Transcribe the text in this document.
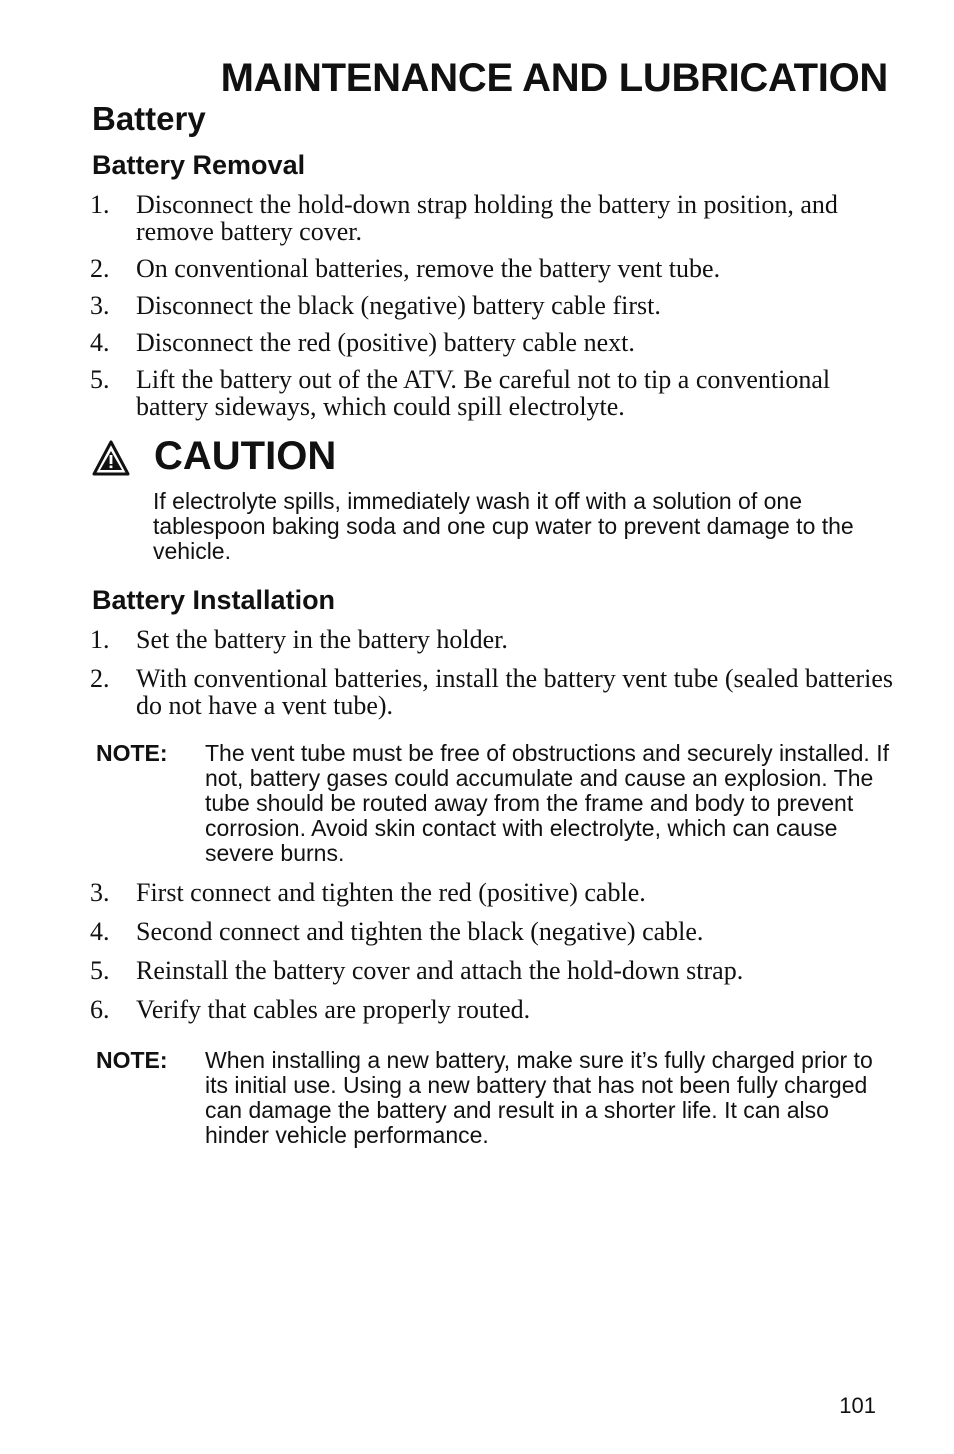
MAINTENANCE AND LUBRICATION
Battery
Battery Removal
1. Disconnect the hold-down strap holding the battery in position, and remove battery cover.
2. On conventional batteries, remove the battery vent tube.
3. Disconnect the black (negative) battery cable first.
4. Disconnect the red (positive) battery cable next.
5. Lift the battery out of the ATV. Be careful not to tip a conventional battery sideways, which could spill electrolyte.
CAUTION

If electrolyte spills, immediately wash it off with a solution of one tablespoon baking soda and one cup water to prevent damage to the vehicle.

Battery Installation
1. Set the battery in the battery holder.
2. With conventional batteries, install the battery vent tube (sealed batteries do not have a vent tube).
NOTE: The vent tube must be free of obstructions and securely installed. If not, battery gases could accumulate and cause an explosion. The tube should be routed away from the frame and body to prevent corrosion. Avoid skin contact with electrolyte, which can cause severe burns.

3. First connect and tighten the red (positive) cable.
4. Second connect and tighten the black (negative) cable.
5. Reinstall the battery cover and attach the hold-down strap.
6. Verify that cables are properly routed.
NOTE: When installing a new battery, make sure it’s fully charged prior to its initial use. Using a new battery that has not been fully charged can damage the battery and result in a shorter life. It can also hinder vehicle performance.

101
